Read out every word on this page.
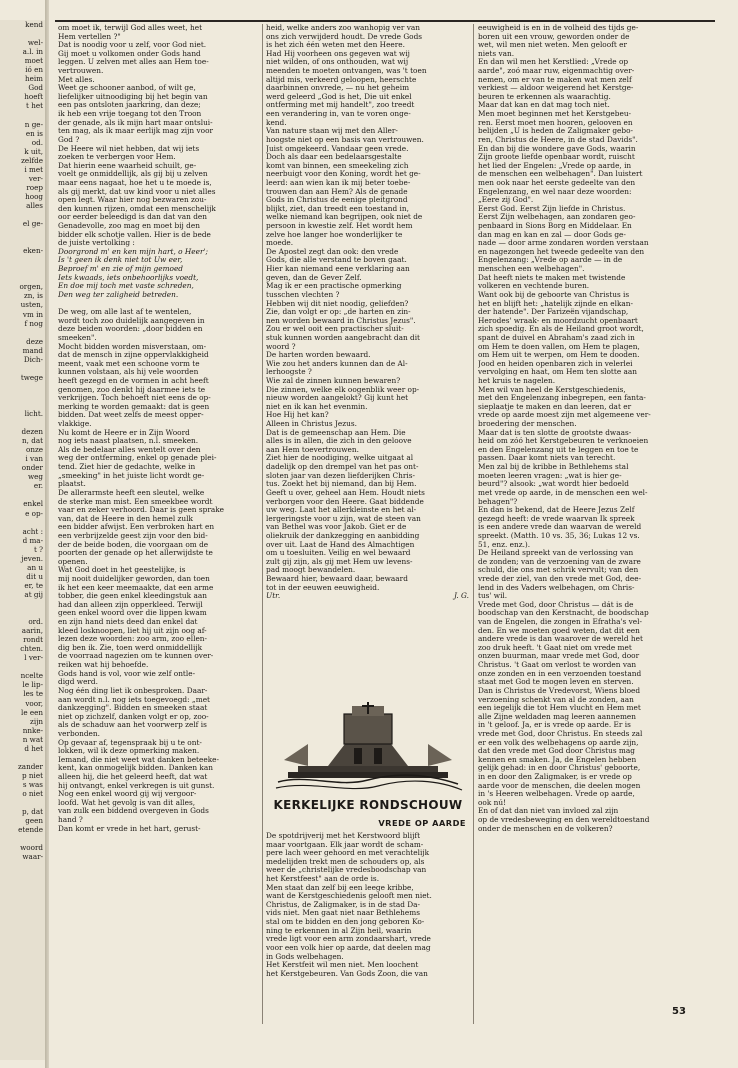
kend
wel-
a.l. in
moet
ió en
heim
God
hoeft
t het
n ge-
en is
od.
k uit,
zelfde
i met
ver-
roep
hoog
alles
el ge-
eken-
orgen,
zn, is
usten,
vm in
f nog
deze
mand
Dich-
twege
licht.
dezen
n, dat
onze
i van
onder
weg
er.
enkel
e op-
acht :
d ma-
t ?
jeven.
an u
dit u
er, te
at gij
ord.
aarin,
rondt
chten.
l ver-
ncelte
le lip-
les te
voor,
le een
zijn
nnke-
n wat
d het
zander
p niet
s was
o niet
p, dat
geen
etende
woord
waar-
om moet ik, terwijl God alles weet, het
Hem vertellen ?"
Dat is noodig voor u zelf, voor God niet.
Gij moet u volkomen onder Gods hand
leggen. U zelven met alles aan Hem toe-
vertrouwen.
Met alles.
Weet ge schooner aanbod, of wilt ge,
liefelijker uitnoodiging bij het begin van
een pas ontsloten jaarkring, dan deze;
ik heb een vrije toegang tot den Troon
der genade, als ik mijn hart maar ontslui-
ten mag, als ik maar eerlijk mag zijn voor
God ?
De Heere wil niet hebben, dat wij iets
zoeken te verbergen voor Hem.
Dat hierin eene waarheid schuilt, ge-
voelt ge onmiddellijk, als gij bij u zelven
maar eens nagaat, hoe het u te moede is,
als gij merkt, dat uw kind voor u niet alles
open legt. Waar hier nog bezwaren zou-
den kunnen rijzen, omdat een menschelijk
oor eerder beleedigd is dan dat van den
Genadevolle, zoo mag en moet bij den
bidder elk schotje vallen. Hier is de bede
de juiste vertolking :
Doorgrond m' en ken mijn hart, o Heer';
Is 't geen ik denk niet tot Uw eer,
Beproef m' en zie of mijn gemoed
Iets kwaads, iets onbehoorlijks voedt,
En doe mij toch met vaste schreden,
Den weg ter zaligheid betreden.
De weg, om alle last af te wentelen,
wordt toch zoo duidelijk aangegeven in
deze beiden woorden: „door bidden en
smeeken".
Mocht bidden worden misverstaan, om-
dat de mensch in zijne oppervlakkigheid
meent, vaak met een schoone vorm te
kunnen volstaan, als hij vele woorden
heeft gezegd en de vormen in acht heeft
genomen, zoo denkt hij daarmee iets te
verkrijgen. Toch behoeft niet eens de op-
merking te worden gemaakt: dat is geen
bidden. Dat weet zelfs de meest opper-
vlakkige.
Nu komt de Heere er in Zijn Woord
nog iets naast plaatsen, n.l. smeeken.
Als de bedelaar alles wentelt over den
weg der ontferming, enkel op genade plei-
tend. Ziet hier de gedachte, welke in
„smeeking" in het juiste licht wordt ge-
plaatst.
De allerarmste heeft een sleutel, welke
de sterke man mist. Een smeekbee wordt
vaar en zeker verhoord. Daar is geen sprake
van, dat de Heere in den hemel zulk
een bidder afwijst. Een verbroken hart en
een verbrijzelde geest zijn voor den bid-
der de beide boden, die voorgaan om de
poorten der genade op het allerwijdste te
openen.
Wat God doet in het geestelijke, is
mij nooit duidelijker geworden, dan toen
ik het een keer meemaakte, dat een arme
tobber, die geen enkel kleedingstuk aan
had dan alleen zijn opperkleed. Terwijl
geen enkel woord over die lippen kwam
en zijn hand niets deed dan enkel dat
kleed losknoopen, liet hij uit zijn oog af-
lezen deze woorden: zoo arm, zoo ellen-
dig ben ik. Zie, toen werd onmiddellijk
de voorraad nagezien om te kunnen over-
reiken wat hij behoefde.
Gods hand is vol, voor wie zelf ontle-
digd werd.
Nog één ding liet ik onbesproken. Daar-
aan wordt n.l. nog iets toegevoegd: „met
dankzegging". Bidden en smeeken staat
niet op zichzelf, danken volgt er op, zoo-
als de schaduw aan het voorwerp zelf is
verbonden.
Op gevaar af, tegenspraak bij u te ont-
lokken, wil ik deze opmerking maken.
Iemand, die niet weet wat danken beteeke-
kent, kan onmogelijk bidden. Danken kan
alleen hij, die het geleerd heeft, dat wat
hij ontvangt, enkel verkregen is uit gunst.
Nog een enkel woord gij wij vergoor-
loofd. Wat het gevolg is van dit alles,
van zulk een biddend overgeven in Gods
hand ?
Dan komt er vrede in het hart, gerust-
heid, welke anders zoo wanhopig ver van
ons zich verwijderd houdt. De vrede Gods
is het zich één weten met den Heere.
Had Hij voorheen ons gegeven wat wij
niet wilden, of ons onthouden, wat wij
meenden te moeten ontvangen, was 't toen
altijd mis, verkeerd geloopen, heerschte
daarbinnen onvrede, — nu het geheim
werd geleerd „God is het, Die uit enkel
ontferming met mij handelt", zoo treedt
een verandering in, van te voren onge-
kend.
Van nature staan wij met den Aller-
hoogste niet op een basis van vertrouwen.
Juist omgekeerd. Vandaar geen vrede.
Doch als daar een bedelaarsgestalte
komt van binnen, een smeekeling zich
neerbuigt voor den Koning, wordt het ge-
leerd: aan wien kan ik mij beter toebe-
trouwen dan aan Hem? Als de genade
Gods in Christus de eenige pleitgrond
blijkt, ziet, dan treedt een toestand in,
welke niemand kan begrijpen, ook niet de
persoon in kwestie zelf. Het wordt hem
zelve hoe langer hoe wonderlijker te
moede.
De Apostel zegt dan ook: den vrede
Gods, die alle verstand te boven gaat.
Hier kan niemand eene verklaring aan
geven, dan de Gever Zelf.
Mag ik er een practische opmerking
tusschen vlechten ?
Hebben wij dit niet noodig, geliefden?
Zie, dan volgt er op: „de harten en zin-
nen worden bewaard in Christus Jezus".
Zou er wel ooit een practischer sluit-
stuk kunnen worden aangebracht dan dit
woord ?
De harten worden bewaard.
Wie zou het anders kunnen dan de Al-
lerhoogste ?
Wie zal de zinnen kunnen bewaren?
Die zinnen, welke elk oogenblik weer op-
nieuw worden aangelokt? Gij kunt het
niet en ik kan het evenmin.
Hoe Hij het kan?
Alleen in Christus Jezus.
Dat is de gemeenschap aan Hem. Die
alles is in allen, die zich in den geloove
aan Hem toevertrouwen.
Ziet hier de noodiging, welke uitgaat al
dadelijk op den drempel van het pas ont-
sloten jaar van dezen liefderijken Chris-
tus. Zoekt het bij niemand, dan bij Hem.
Geeft u over, geheel aan Hem. Houdt niets
verborgen voor den Heere. Gaat biddende
uw weg. Laat het allerkleinste en het al-
lergeringste voor u zijn, wat de steen van
van Bethel was voor Jakob. Giet er de
oliekruik der dankzegging en aanbidding
over uit. Laat de Hand des Almachtigen
om u toesluiten. Veilig en wel bewaard
zult gij zijn, als gij met Hem uw levens-
pad moogt bewandelen.
Bewaard hier, bewaard daar, bewaard
tot in der eeuwen eeuwigheid.
Utr.	J. G.
KERKELIJKE RONDSCHOUW
VREDE OP AARDE
De spotdrijverij met het Kerstwoord blijft
maar voortgaan. Elk jaar wordt de scham-
pere lach weer gehoord en met verachtelijk
medelijden trekt men de schouders op, als
weer de „christelijke vredesboodschap van
het Kerstfeest" aan de orde is.
Men staat dan zelf bij een leege kribbe,
want de Kerstgeschiedenis gelooft men niet.
Christus, de Zaligmaker, is in de stad Da-
vids niet. Men gaat niet naar Bethlehems
stal om te bidden en den jong geboren Ko-
ning te erkennen in al Zijn heil, waarin
vrede ligt voor een arm zondaarshart, vrede
voor een volk hier op aarde, dat deelen mag
in Gods welbehagen.
Het Kerstfeit wil men niet. Men loochent
het Kerstgebeuren. Van Gods Zoon, die van
eeuwigheid is en in de volheid des tijds ge-
boren uit een vrouw, geworden onder de
wet, wil men niet weten. Men gelooft er
niets van.
En dan wil men het Kerstlied: „Vrede op
aarde", zoó maar ruw, eigenmachtig over-
nemen, om er van te maken wat men zelf
verkiest — aldoor weigerend het Kerstge-
beuren te erkennen als waarachtig.
Maar dat kan en dat mag toch niet.
Men moet beginnen met het Kerstgebeu-
ren. Eerst moet men hooren, gelooven en
belijden „U is heden de Zaligmaker gebo-
ren, Christus de Heere, in de stad Davids".
En dan bij die wondere gave Gods, waarin
Zijn groote liefde openbaar wordt, ruischt
het lied der Engelen: „Vrede op aarde, in
de menschen een welbehagen". Dan luistert
men ook naar het eerste gedeelte van den
Engelenzang, en wel naar deze woorden:
„Eere zij God".
Eerst God. Eerst Zijn liefde in Christus.
Eerst Zijn welbehagen, aan zondaren geo-
penbaard in Sions Borg en Middelaar. En
dan mag en kan en zal — door Gods ge-
nade — door arme zondaren worden verstaan
en nagezongen het tweede gedeelte van den
Engelenzang: „Vrede op aarde — in de
menschen een welbehagen".
Dat heeft niets te maken met twistende
volkeren en vechtende buren.
Want ook bij de geboorte van Christus is
het en blijft het: „hatelijk zijnde en elkan-
der hatende". Der Farizeën vijandschap,
Herodes' wraak- en moordzucht openbaart
zich spoedig. En als de Heiland groot wordt,
spant de duivel en Abraham's zaad zich in
om Hem te doen vallen, om Hem te plagen,
om Hem uit te werpen, om Hem te dooden.
Jood en heiden openbaren zich in velerlei
vervolging en haat, om Hem ten slotte aan
het kruis te nagelen.
Men wil van heel de Kerstgeschiedenis,
met den Engelenzang inbegrepen, een fanta-
sieplaatje te maken en dan leeren, dat er
vrede op aarde moest zijn met algemeene ver-
broedering der menschen.
Maar dat is ten slotte de grootste dwaas-
heid om zóó het Kerstgebeuren te verknoeien
en den Engelenzang uit te leggen en toe te
passen. Daar komt niets van terecht.
Men zal bij de kribbe in Bethlehems stal
moeten leeren vragen: „wat is hier ge-
beurd"? alsook: „wat wordt hier bedoeld
met vrede op aarde, in de menschen een wel-
behagen"?
En dan is bekend, dat de Heere Jezus Zelf
gezegd heeft: de vrede waarvan Ik spreek
is een andere vrede dan waarvan de wereld
spreekt. (Matth. 10 vs. 35, 36; Lukas 12 vs.
51, enz. enz.).
De Heiland spreekt van de verlossing van
de zonden; van de verzoening van de zware
schuld, die ons met schrik vervult; van den
vrede der ziel, van den vrede met God, dee-
lend in des Vaders welbehagen, om Chris-
tus' wil.
Vrede met God, door Christus — dát is de
boodschap van den Kerstnacht, de boodschap
van de Engelen, die zongen in Efratha's vel-
den. En we moeten goed weten, dat dit een
andere vrede is dan waarover de wereld het
zoo druk heeft. 't Gaat niet om vrede met
onzen buurman, maar vrede met God, door
Christus. 't Gaat om verlost te worden van
onze zonden en in een verzoenden toestand
staat met God te mogen leven en sterven.
Dan is Christus de Vredevorst, Wiens bloed
verzoening schenkt van al de zonden, aan
een iegelijk die tot Hem vlucht en Hem met
alle Zijne weldaden mag leeren aannemen
in 't geloof. Ja, er is vrede op aarde. Er is
vrede met God, door Christus. En steeds zal
er een volk des welbehagens op aarde zijn,
dat den vrede met God door Christus mag
kennen en smaken. Ja, de Engelen hebben
gelijk gehad: in en door Christus' geboorte,
in en door den Zaligmaker, is er vrede op
aarde voor de menschen, die deelen mogen
in 's Heeren welbehagen. Vrede op aarde,
ook nú!
En of dat dan niet van invloed zal zijn
op de vredesbeweging en den wereldtoestand
onder de menschen en de volkeren?
53
